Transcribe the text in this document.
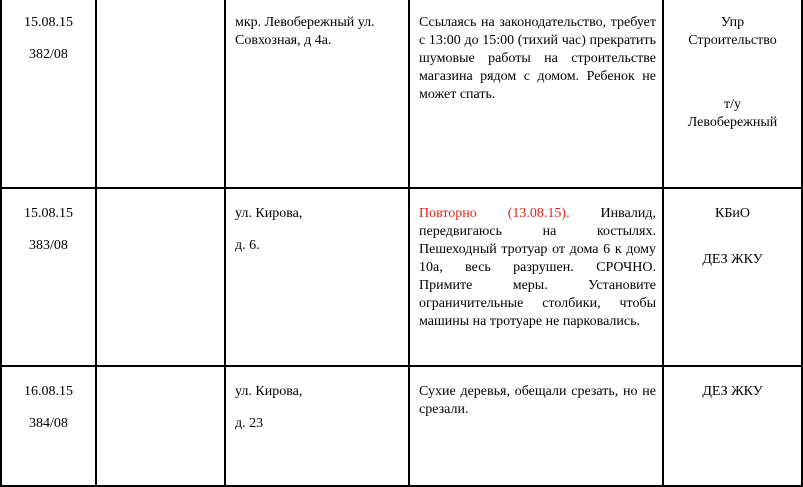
15.08.15
382/08
мкр. Левобережный ул.
Совхозная, д 4а.
Ссылаясь на законодательство, требует с 13:00 до 15:00 (тихий час) прекратить шумовые работы на строительстве магазина рядом с домом. Ребенок не может спать.
Упр
Строительство
т/у
Левобережный
15.08.15
383/08
ул. Кирова,
д. 6.
Повторно (13.08.15). Инвалид, передвигаюсь на костылях. Пешеходный тротуар от дома 6 к дому 10а, весь разрушен. СРОЧНО. Примите меры. Установите ограничительные столбики, чтобы машины на тротуаре не парковались.
КБиО
ДЕЗ ЖКУ
16.08.15
384/08
ул. Кирова,
д. 23
Сухие деревья, обещали срезать, но не срезали.
ДЕЗ ЖКУ
